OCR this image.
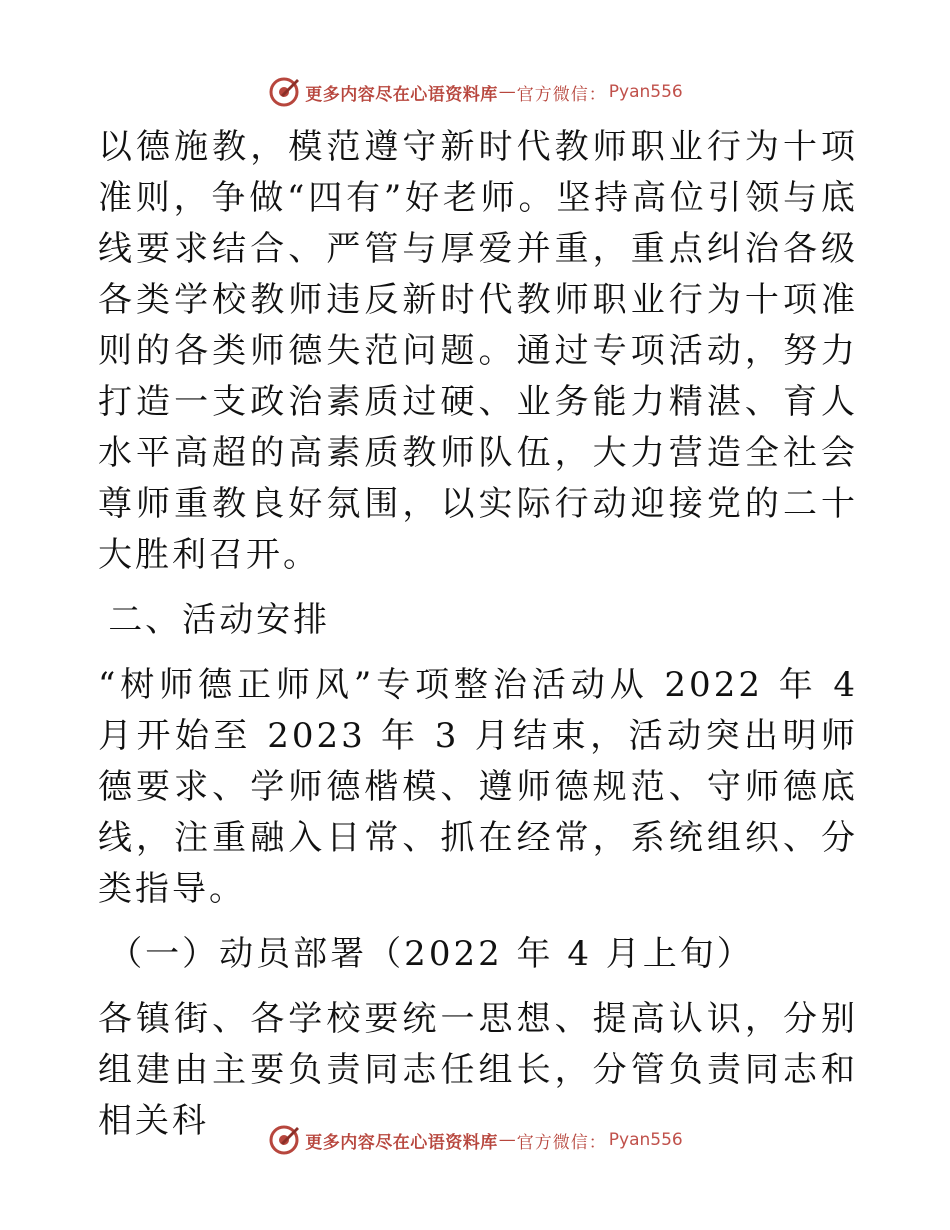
更多内容尽在心语资料库 — 官方微信： Pyan556

以德施教，模范遵守新时代教师职业行为十项准则，争做“四有”好老师。坚持高位引领与底线要求结合、严管与厚爱并重，重点纠治各级各类学校教师违反新时代教师职业行为十项准则的各类师德失范问题。通过专项活动，努力打造一支政治素质过硬、业务能力精湛、育人水平高超的高素质教师队伍，大力营造全社会尊师重教良好氛围，以实际行动迎接党的二十大胜利召开。

二、活动安排

“树师德正师风”专项整治活动从 2022 年 4 月开始至 2023 年 3 月结束，活动突出明师德要求、学师德楷模、遵师德规范、守师德底线，注重融入日常、抓在经常，系统组织、分类指导。

（一）动员部署（2022 年 4 月上旬）

各镇街、各学校要统一思想、提高认识，分别组建由主要负责同志任组长，分管负责同志和相关科

更多内容尽在心语资料库 — 官方微信： Pyan556
